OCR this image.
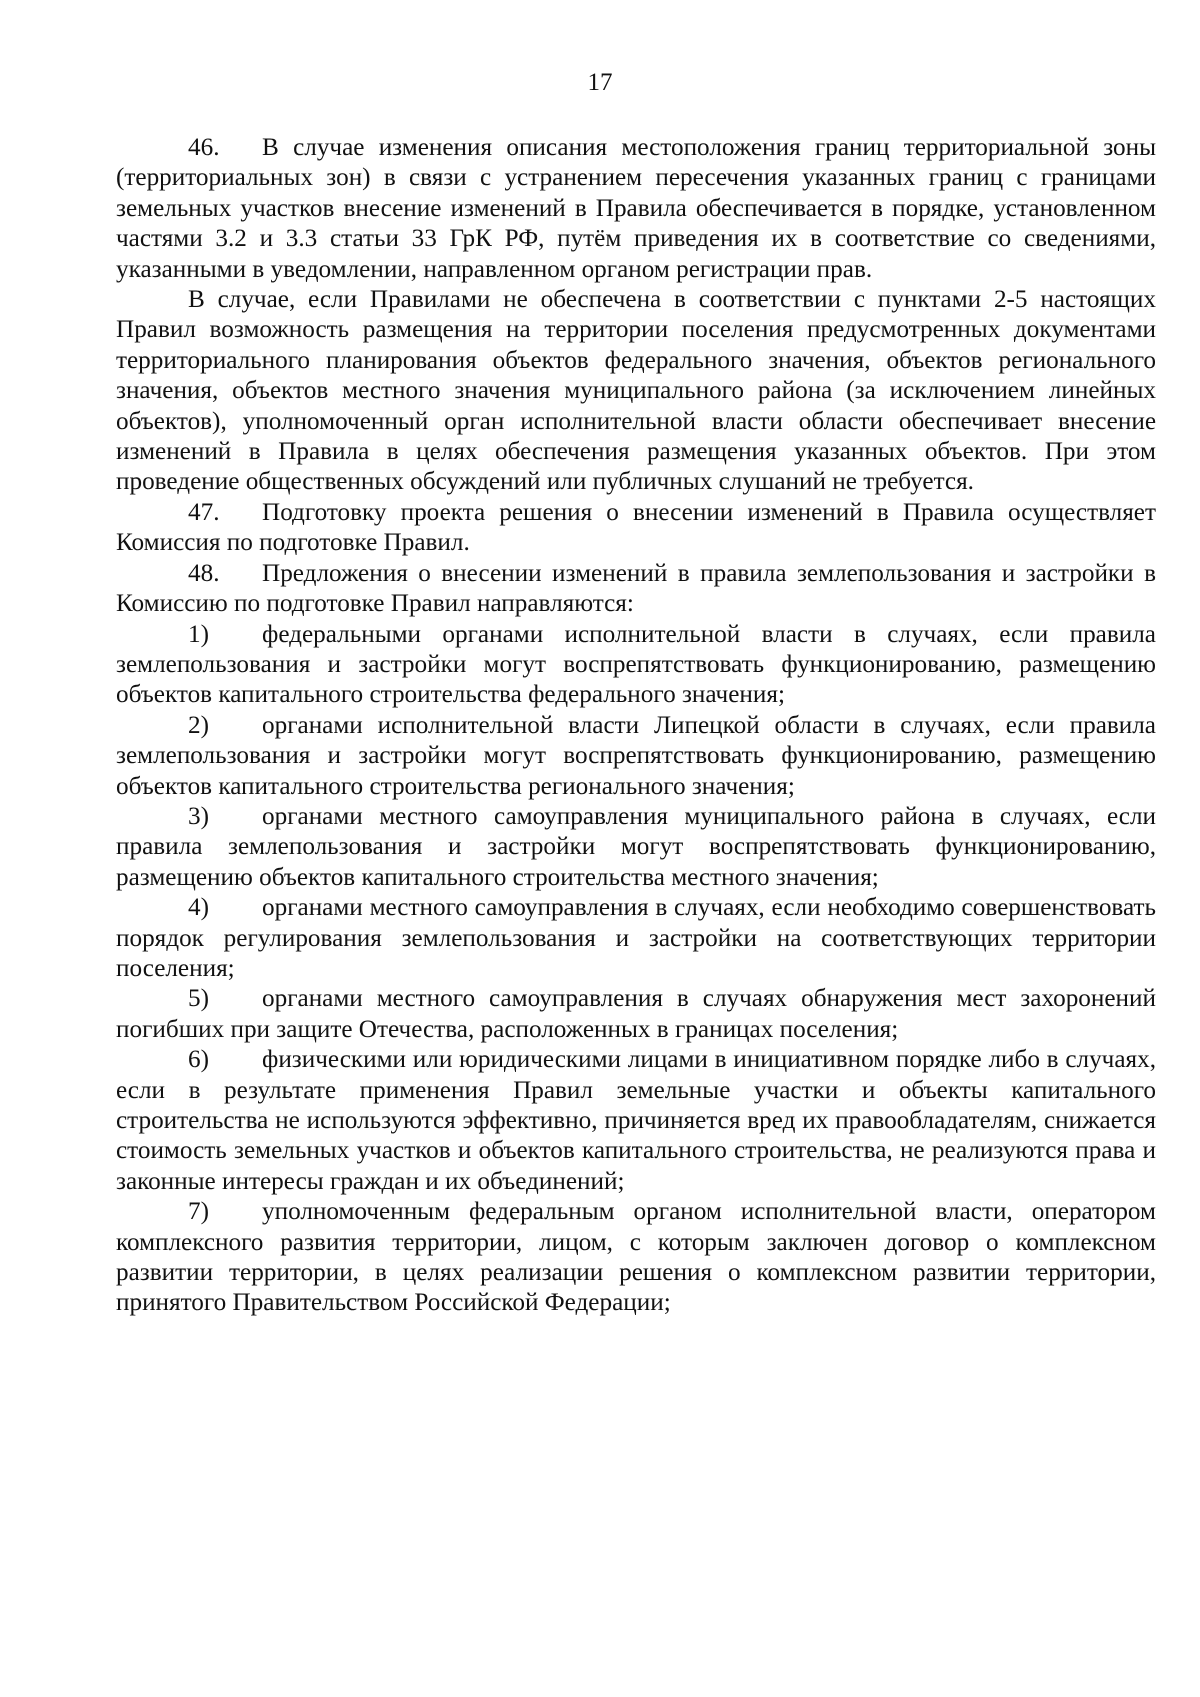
17

46. В случае изменения описания местоположения границ территориальной зоны (территориальных зон) в связи с устранением пересечения указанных границ с границами земельных участков внесение изменений в Правила обеспечивается в порядке, установленном частями 3.2 и 3.3 статьи 33 ГрК РФ, путём приведения их в соответствие со сведениями, указанными в уведомлении, направленном органом регистрации прав.

В случае, если Правилами не обеспечена в соответствии с пунктами 2-5 настоящих Правил возможность размещения на территории поселения предусмотренных документами территориального планирования объектов федерального значения, объектов регионального значения, объектов местного значения муниципального района (за исключением линейных объектов), уполномоченный орган исполнительной власти области обеспечивает внесение изменений в Правила в целях обеспечения размещения указанных объектов. При этом проведение общественных обсуждений или публичных слушаний не требуется.

47. Подготовку проекта решения о внесении изменений в Правила осуществляет Комиссия по подготовке Правил.

48. Предложения о внесении изменений в правила землепользования и застройки в Комиссию по подготовке Правил направляются:

1) федеральными органами исполнительной власти в случаях, если правила землепользования и застройки могут воспрепятствовать функционированию, размещению объектов капитального строительства федерального значения;

2) органами исполнительной власти Липецкой области в случаях, если правила землепользования и застройки могут воспрепятствовать функционированию, размещению объектов капитального строительства регионального значения;

3) органами местного самоуправления муниципального района в случаях, если правила землепользования и застройки могут воспрепятствовать функционированию, размещению объектов капитального строительства местного значения;

4) органами местного самоуправления в случаях, если необходимо совершенствовать порядок регулирования землепользования и застройки на соответствующих территории поселения;

5) органами местного самоуправления в случаях обнаружения мест захоронений погибших при защите Отечества, расположенных в границах поселения;

6) физическими или юридическими лицами в инициативном порядке либо в случаях, если в результате применения Правил земельные участки и объекты капитального строительства не используются эффективно, причиняется вред их правообладателям, снижается стоимость земельных участков и объектов капитального строительства, не реализуются права и законные интересы граждан и их объединений;

7) уполномоченным федеральным органом исполнительной власти, оператором комплексного развития территории, лицом, с которым заключен договор о комплексном развитии территории, в целях реализации решения о комплексном развитии территории, принятого Правительством Российской Федерации;
